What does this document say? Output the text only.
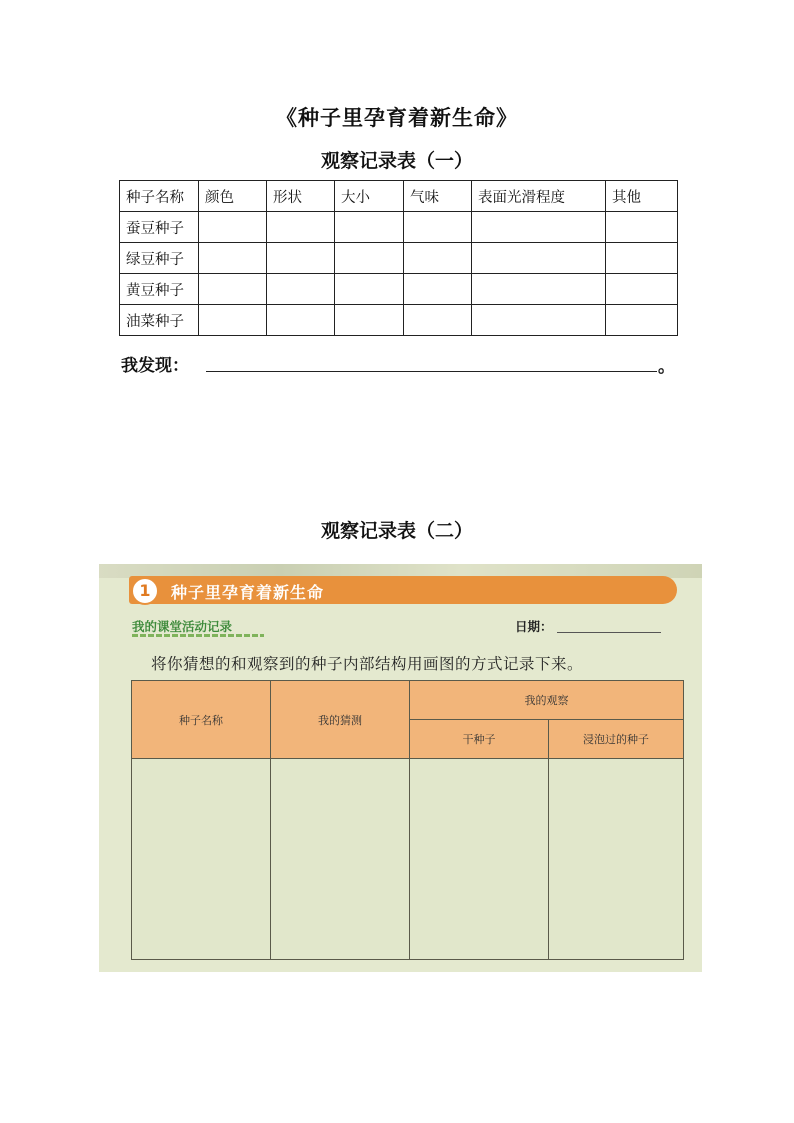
《种子里孕育着新生命》
观察记录表（一）
种子名称	颜色	形状	大小	气味	表面光滑程度	其他
蚕豆种子						
绿豆种子						
黄豆种子						
油菜种子						
我发现：	。
观察记录表（二）
1	种子里孕育着新生命
我的课堂活动记录	日期：
将你猜想的和观察到的种子内部结构用画图的方式记录下来。
种子名称	我的猜测	我的观察	
		干种子	浸泡过的种子
